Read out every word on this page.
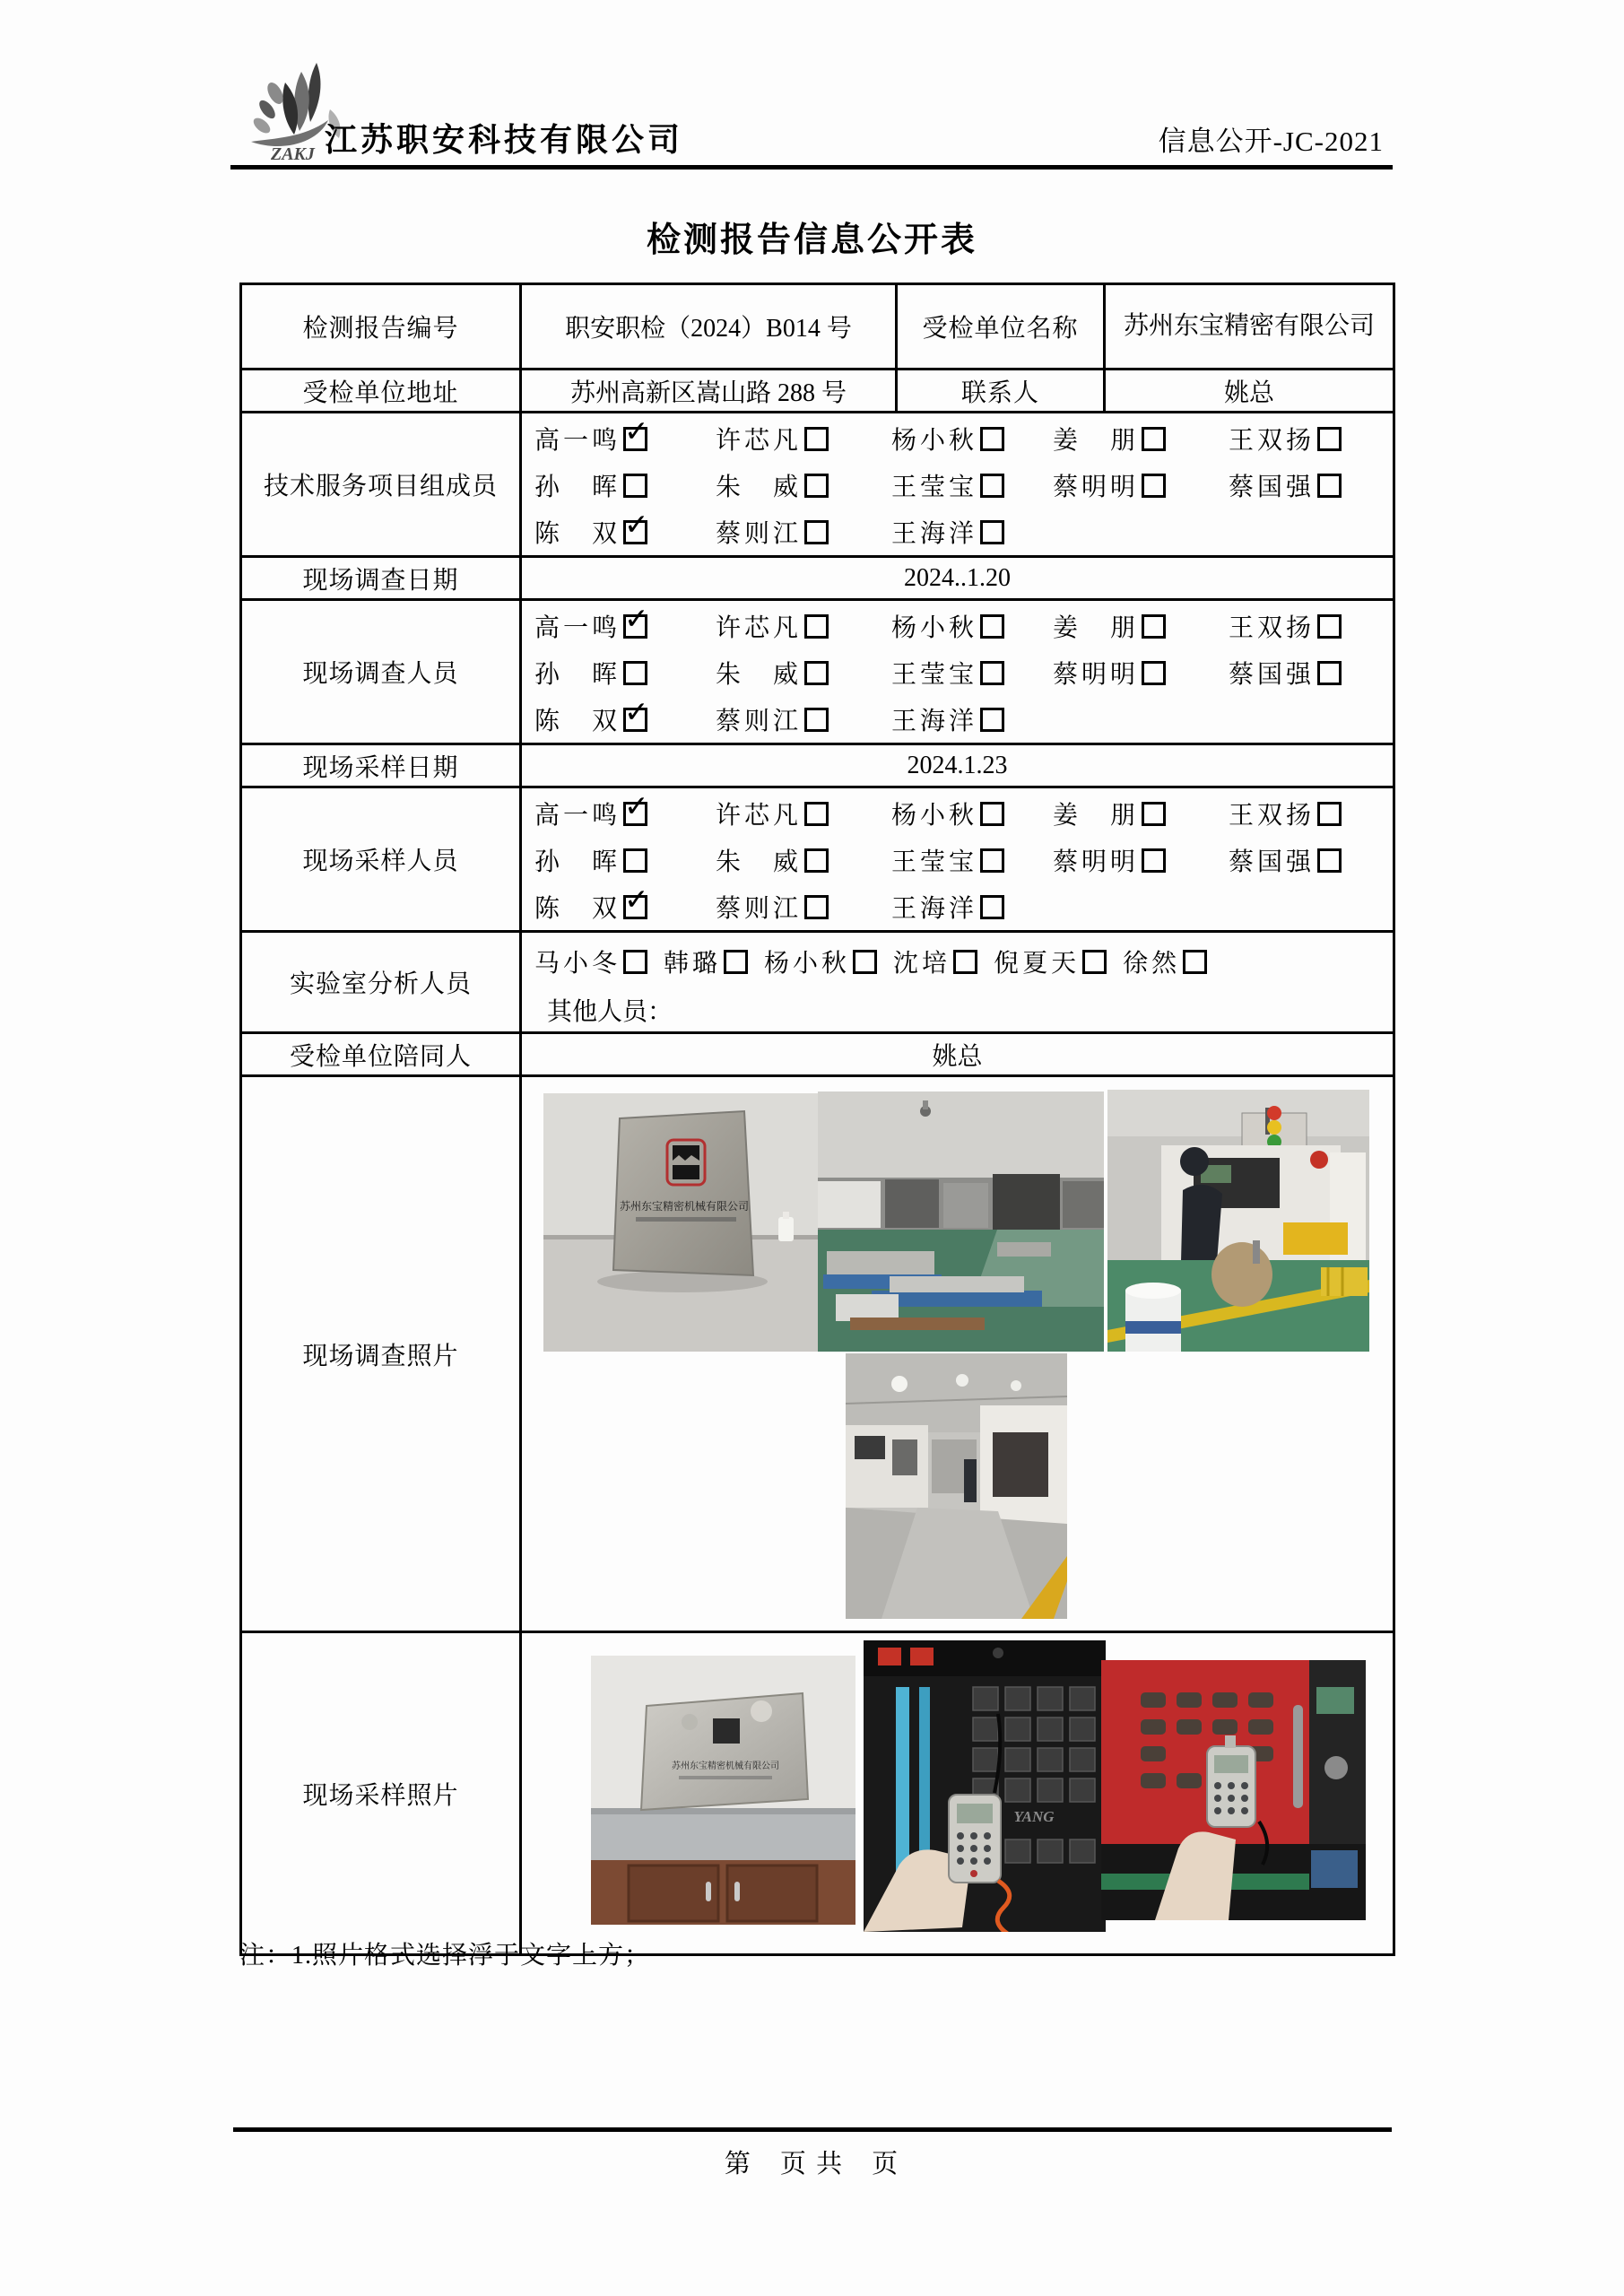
ZAKJ 江苏职安科技有限公司	信息公开-JC-2021
检测报告信息公开表
检测报告编号	职安职检（2024）B014 号	受检单位名称	苏州东宝精密有限公司
受检单位地址	苏州高新区嵩山路 288 号	联系人	姚总
技术服务项目组成员	
高一鸣 ✓	许芯凡	杨小秋	姜　朋	王双扬
孙　晖	朱　威	王莹宝	蔡明明	蔡国强
陈　双 ✓	蔡则江	王海洋

现场调查日期	2024..1.20		
现场调查人员	
高一鸣 ✓	许芯凡	杨小秋	姜　朋	王双扬
孙　晖	朱　威	王莹宝	蔡明明	蔡国强
陈　双 ✓	蔡则江	王海洋

现场采样日期	2024.1.23		
现场采样人员	
高一鸣 ✓	许芯凡	杨小秋	姜　朋	王双扬
孙　晖	朱　威	王莹宝	蔡明明	蔡国强
陈　双 ✓	蔡则江	王海洋

实验室分析人员	
马小冬	韩璐	杨小秋	沈培	倪夏天	徐然
其他人员：

受检单位陪同人	姚总		
现场调查照片	苏州东宝精密机械有限公司		

现场采样照片	苏州东宝精密机械有限公司
YANG		
注：1.照片格式选择浮于文字上方；
第　页 共　页
